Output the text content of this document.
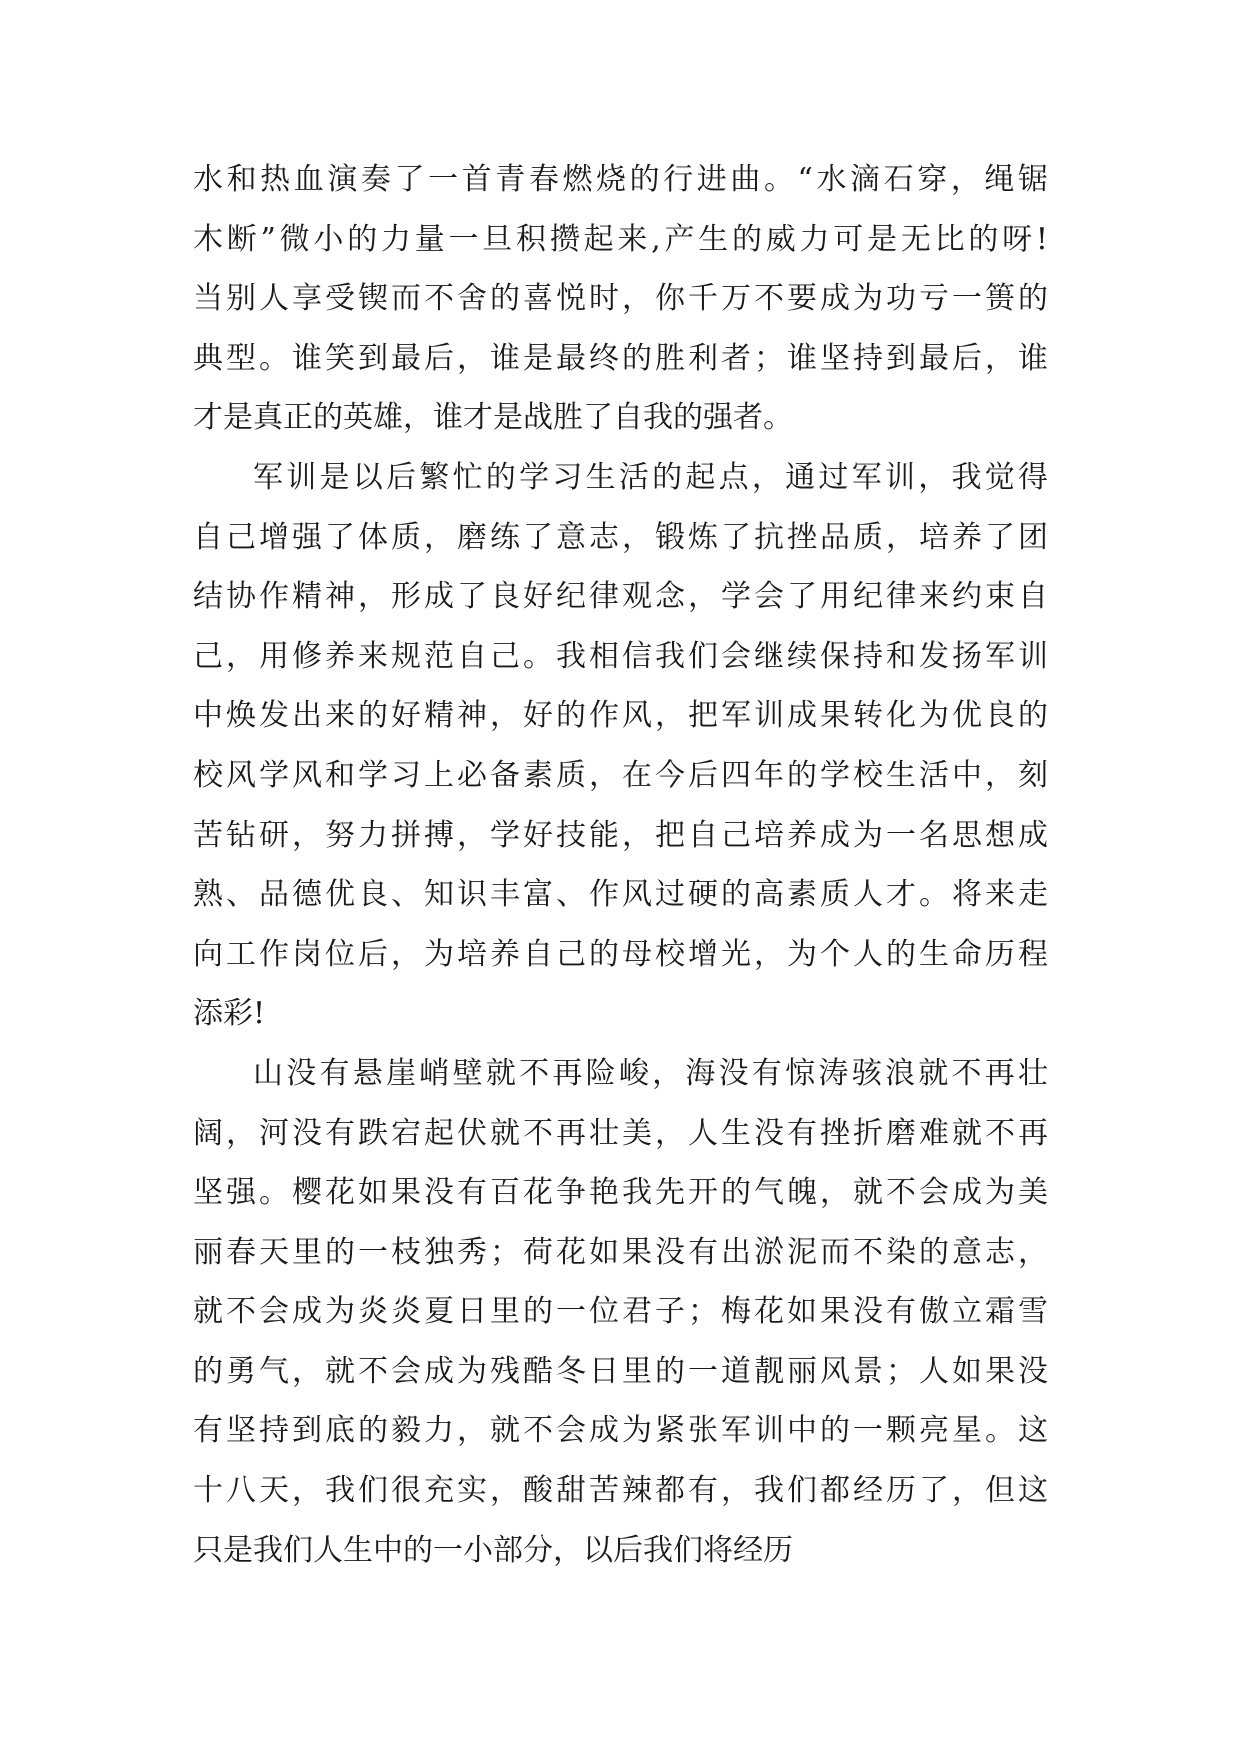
水和热血演奏了一首青春燃烧的行进曲。“水滴石穿，绳锯
木断”微小的力量一旦积攒起来,产生的威力可是无比的呀!
当别人享受锲而不舍的喜悦时，你千万不要成为功亏一篑的
典型。谁笑到最后，谁是最终的胜利者；谁坚持到最后，谁
才是真正的英雄，谁才是战胜了自我的强者。
军训是以后繁忙的学习生活的起点，通过军训，我觉得
自己增强了体质，磨练了意志，锻炼了抗挫品质，培养了团
结协作精神，形成了良好纪律观念，学会了用纪律来约束自
己，用修养来规范自己。我相信我们会继续保持和发扬军训
中焕发出来的好精神，好的作风，把军训成果转化为优良的
校风学风和学习上必备素质，在今后四年的学校生活中，刻
苦钻研，努力拼搏，学好技能，把自己培养成为一名思想成
熟、品德优良、知识丰富、作风过硬的高素质人才。将来走
向工作岗位后，为培养自己的母校增光，为个人的生命历程
添彩!
山没有悬崖峭壁就不再险峻，海没有惊涛骇浪就不再壮
阔，河没有跌宕起伏就不再壮美，人生没有挫折磨难就不再
坚强。樱花如果没有百花争艳我先开的气魄，就不会成为美
丽春天里的一枝独秀；荷花如果没有出淤泥而不染的意志，
就不会成为炎炎夏日里的一位君子；梅花如果没有傲立霜雪
的勇气，就不会成为残酷冬日里的一道靓丽风景；人如果没
有坚持到底的毅力，就不会成为紧张军训中的一颗亮星。这
十八天，我们很充实，酸甜苦辣都有，我们都经历了，但这
只是我们人生中的一小部分，以后我们将经历
